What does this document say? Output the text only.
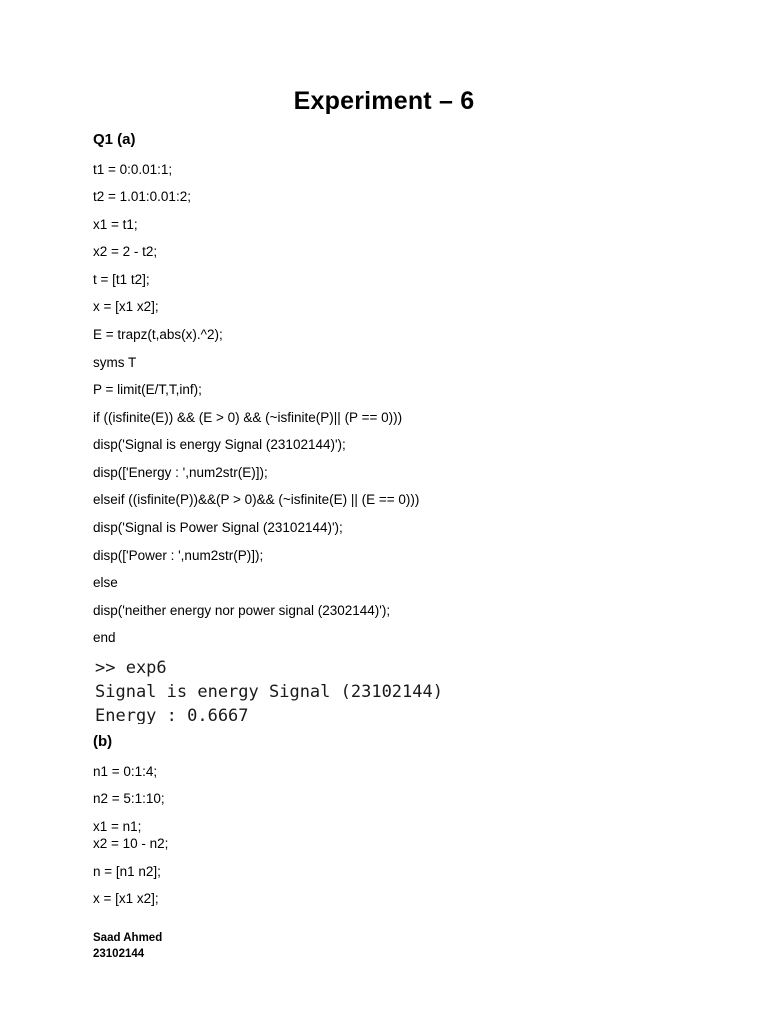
Experiment – 6
Q1 (a)
t1 = 0:0.01:1;
t2 = 1.01:0.01:2;
x1 = t1;
x2 = 2 - t2;
t = [t1 t2];
x = [x1 x2];
E = trapz(t,abs(x).^2);
syms T
P = limit(E/T,T,inf);
if ((isfinite(E)) && (E > 0) && (~isfinite(P)|| (P == 0)))
disp('Signal is energy Signal (23102144)');
disp(['Energy : ',num2str(E)]);
elseif ((isfinite(P))&&(P > 0)&& (~isfinite(E) || (E == 0)))
disp('Signal is Power Signal (23102144)');
disp(['Power : ',num2str(P)]);
else
disp('neither energy nor power signal (2302144)');
end
>> exp6
Signal is energy Signal (23102144)
Energy : 0.6667
(b)
n1 = 0:1:4;
n2 = 5:1:10;
x1 = n1;
x2 = 10 - n2;
n = [n1 n2];
x = [x1 x2];
Saad Ahmed
23102144
